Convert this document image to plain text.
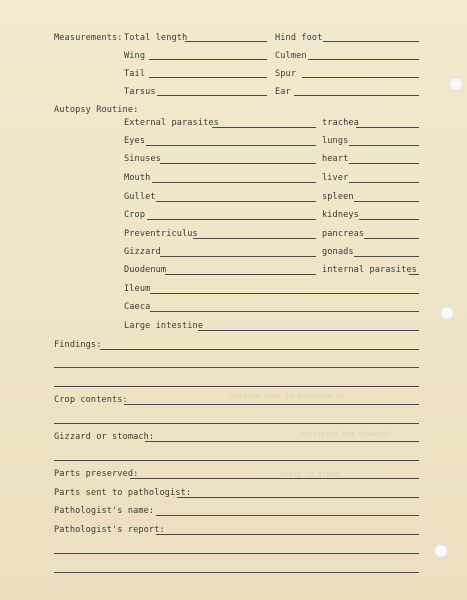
of measured at each section
Stomach and intestine
heart of gland
Measurements: Total length	Hind foot
Wing	Culmen
Tail	Spur
Tarsus	Ear
Autopsy Routine:
External parasites	trachea
Eyes	lungs
Sinuses	heart
Mouth	liver
Gullet	spleen
Crop	kidneys
Preventriculus	pancreas
Gizzard	gonads
Duodenum	internal parasites
Ileum
Caeca
Large intestine
Findings:
Crop contents:
Gizzard or stomach:
Parts preserved:
Parts sent to pathologist:
Pathologist's name:
Pathologist's report:
